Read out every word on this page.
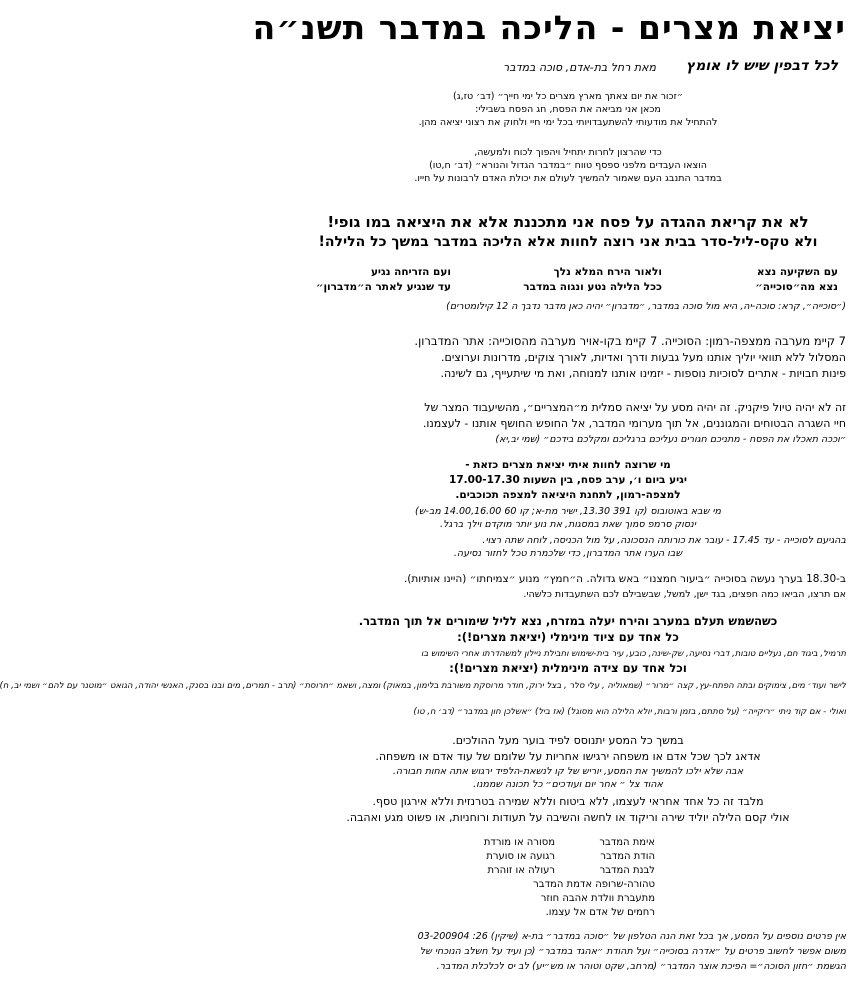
יציאת מצרים - הליכה במדבר תשנ״ה
לכל דבפין שיש לו אומץ
מאת רחל בת-אדם, סוכה במדבר
״זכור את יום צאתך מארץ מצרים כל ימי חייך״ (דב׳ טז,ג)
מכאן אני מביאה את הפסח, חג הפסח בשבילי:
להתחיל את מודעותי להשתעבדויותי בכל ימי חיי ולחוק את רצוני יציאה מהן.
כדי שהרצון לחרות יתחיל ויהפוך לכוח ולמעשה,
הוצאו העבדים מלפני ספסף טווח ״במדבר הגדול והנורא״ (דב׳ ח,טו)
במדבר התנבג העם שאמור להמשיך לעולם את יכולת האדם לרבונות על חייו.
לא את קריאת ההגדה על פסח אני מתכננת אלא את היציאה במו גופי!
ולא טקס-ליל-סדר בבית אני רוצה לחוות אלא הליכה במדבר במשך כל הלילה!
עם השקיעה נצא
נצא מה״סוכייה״
ולאור הירח המלא נלך
ככל הלילה נטע ונגוה במדבר
ועם הזריחה נגיע
עד שנגיע לאתר ה״מדברון״
(״סוכייה״, קרא: סוכה-יה, היא מול סוכה במדבר, ״מדברון״ יהיה כאן מדבר נדבך ה 12 קילומטרים)
7 קיימ מערבה ממצפה-רמון: הסוכייה. 7 קיימ בקו-אויר מערבה מהסוכייה: אתר המדברון.
המסלול ללא תוואי יוליך אותנו מעל גבעות ודרך ואדיות, לאורך צוקים, מדרונות וערוצים.
פינות חבויות - אתרים לסוכיות נוספות - יזמינו אותנו למנוחה, ואת מי שיתעייף, גם לשינה.
זה לא יהיה טיול פיקניק. זה יהיה מסע על יציאה סמלית מ״המצריים״, מהשיעבוד המצר של
חיי השגרה הבטוחים והמגוננים, אל תוך מערומי המדבר, אל החופש החושף אותנו - לעצמנו.
״וככה תאכלו את הפסח - מתניכם חגורים נעליכם ברגליכם ומקלכם בידכם״ (שמי יב,יא)
מי שרוצה לחוות איתי יציאת מצרים כזאת -
יגיע ביום ו׳, ערב פסח, בין השעות 17.00-17.30
למצפה-רמון, לתחנת היציאה למצפה תכוכבים.
מי שבא באוטובוס (קו 391 13.30, ישיר מת-א; קו 60 14.00,16.00 מב-ש)
ינסוק סרמפ סמוך שאת במסגות, את נוע יותר מוקדם וילך ברגל.
בהגיעם לסוכייה - עד 17.45 - עובר את כורותה הנסכונה, על מול הכניסה, לוחה שתה רצוי.
שבו הערו אתר המדברון, כדי שלכמרת טכל לחזור נסיעה.
ב-18.30 בערך נעשה בסוכייה ״ביעור חמצנו״ באש גדולה. ה״חמץ״ מנוע ״צמיחתו״ (היינו אותיות).
אם תרצו, הביאו כמה חפצים, בגד ישן, למשל, שבשבילם לכם השתעבדות כלשהי.
כשהשמש תעלם במערב והירח יעלה במזרח, נצא לליל שימורים אל תוך המדבר.
כל אחד עם ציוד מינימלי (יציאת מצרים!):
תרמיל, ביגוד חם, נעליים טובות, דברי נסיעה, שק-שינה, כובע, עיר בית-שימוש וחבילת ניילון למשהדרתו אחרי השימוש בו
וכל אחד עם צידה מינימלית (יציאת מצרים!):
לישר ועוד׳ מים, צימוקים ובתה הפתח-עץ, קצה ״מרור״ (שמאוליה , עלי סלר , בצל ירוק, חודר מרוסקת משורבת בלימון, במאוק) ומצה, ושאמ ״חרוסת״ (תרב - תמרים, מים ובנו בסנק, האנשי יהודה, הגואט ״מוטנר עם להם״ ושמי יב, ח)
ואולי - אם קוד ניתי ״ריקייה״ (על סתתם, בזמן ורבות, יולא הלילה הוא מסוגל) (אז ביל) ״אשלכן חון במדבר״ (דב׳ ח, טו)
במשך כל המסע יתנוסס לפיד בוער מעל ההולכים.
אדאג לכך שכל אדם או משפחה ירגישו אחריות על שלומם של עוד אדם או משפחה.
אבה שלא ילכו להמשיך את המסע, יוריש של קו לנשאת-הלפיד ירגוש אתה אחות חבורה.
אהוד צל ״ אחר יום ועודכים״ כל תכונה שממנו.
מלבד זה כל אחד אחראי לעצמו, ללא ביטוח וללא שמירה בטרנזית וללא אירגון טסף.
אולי קסם הלילה יוליד שירה וריקוד או לחשה והשיבה על תעודות ורוחניות, או פשוט מגע ואהבה.
אימת המדבר
הודת המדבר
לבנת המדבר
טהורה-שרופה אדמת המדבר
מתעברת וולדת אהבה חוזר
רחמים של אדם אל עצמו.
מסורה או מורדת
רגועה או סוערת
רעולה או זוהרת
אין פרטים נוספים על המסע, אך בכל זאת הנה הטלפון של ״סוכה במדבר״ בת-א (שיקין) 26: 03-200904
משום אפשר לחשוב פרטים על ״אדרה בסוכייה״ ועל תהודת ״אהגד במדבר״ (כן ועיד על חשלב הנוכחי של
הגשמת ״חזון הסוכה״= הפיכת אוצר המדבר״ (מרחב, שקט וטוהר או מש״יע) לב יס לכלכלת המדבר.
